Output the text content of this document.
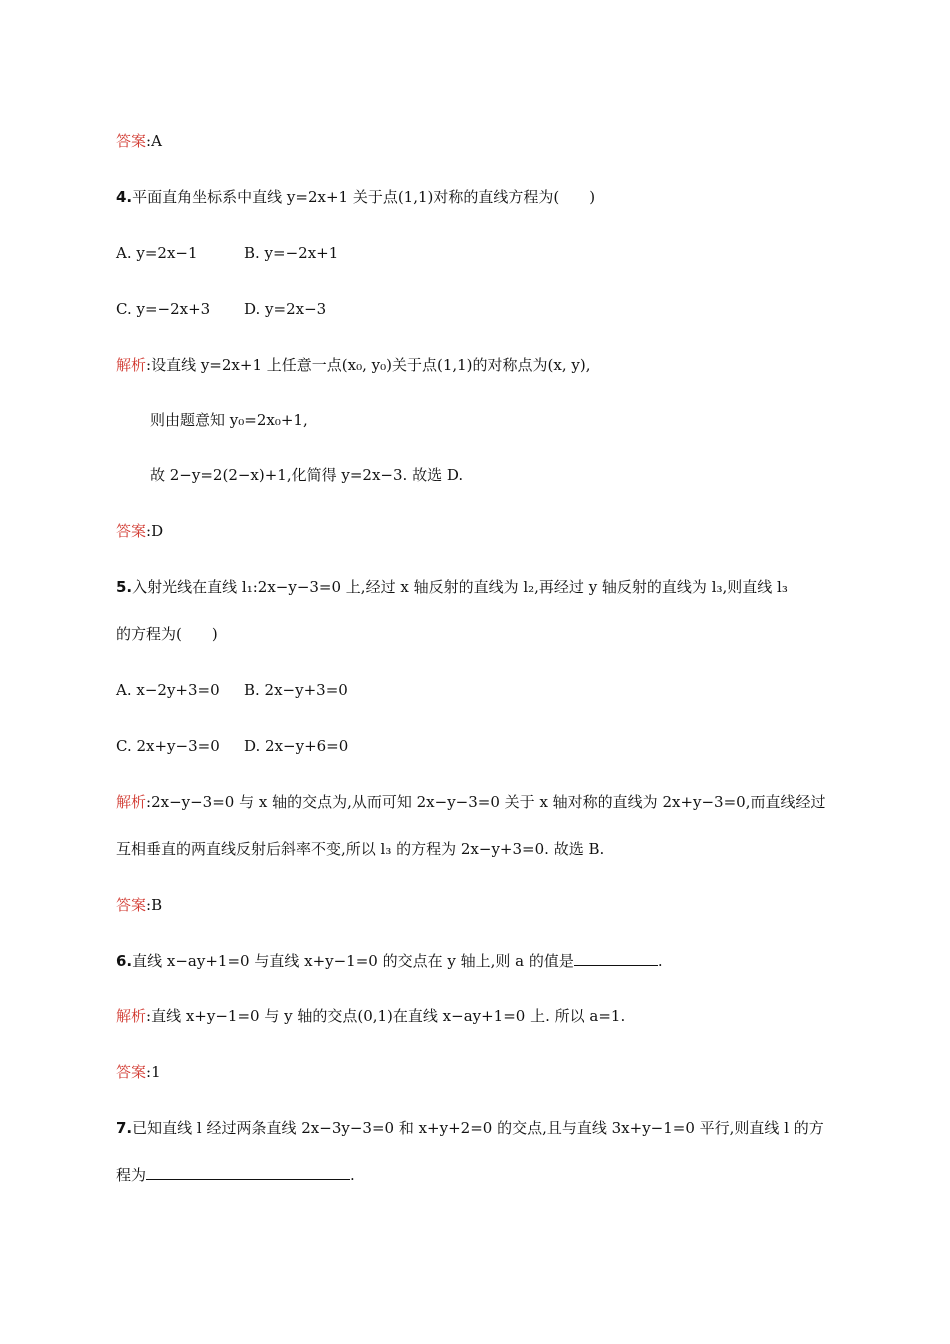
答案:A
4.平面直角坐标系中直线 y=2x+1 关于点(1,1)对称的直线方程为(　　)
A. y=2x−1	B. y=−2x+1
C. y=−2x+3 D. y=2x−3
解析:设直线 y=2x+1 上任意一点(x₀, y₀)关于点(1,1)的对称点为(x, y),
则由题意知 y₀=2x₀+1,
故 2−y=2(2−x)+1,化简得 y=2x−3. 故选 D.
答案:D
5.入射光线在直线 l₁:2x−y−3=0 上,经过 x 轴反射的直线为 l₂,再经过 y 轴反射的直线为 l₃,则直线 l₃
的方程为(　　)
A. x−2y+3=0 B. 2x−y+3=0
C. 2x+y−3=0 D. 2x−y+6=0
解析:2x−y−3=0 与 x 轴的交点为,从而可知 2x−y−3=0 关于 x 轴对称的直线为 2x+y−3=0,而直线经过
互相垂直的两直线反射后斜率不变,所以 l₃ 的方程为 2x−y+3=0. 故选 B.
答案:B
6.直线 x−ay+1=0 与直线 x+y−1=0 的交点在 y 轴上,则 a 的值是	.
解析:直线 x+y−1=0 与 y 轴的交点(0,1)在直线 x−ay+1=0 上. 所以 a=1.
答案:1
7.已知直线 l 经过两条直线 2x−3y−3=0 和 x+y+2=0 的交点,且与直线 3x+y−1=0 平行,则直线 l 的方
程为	.
